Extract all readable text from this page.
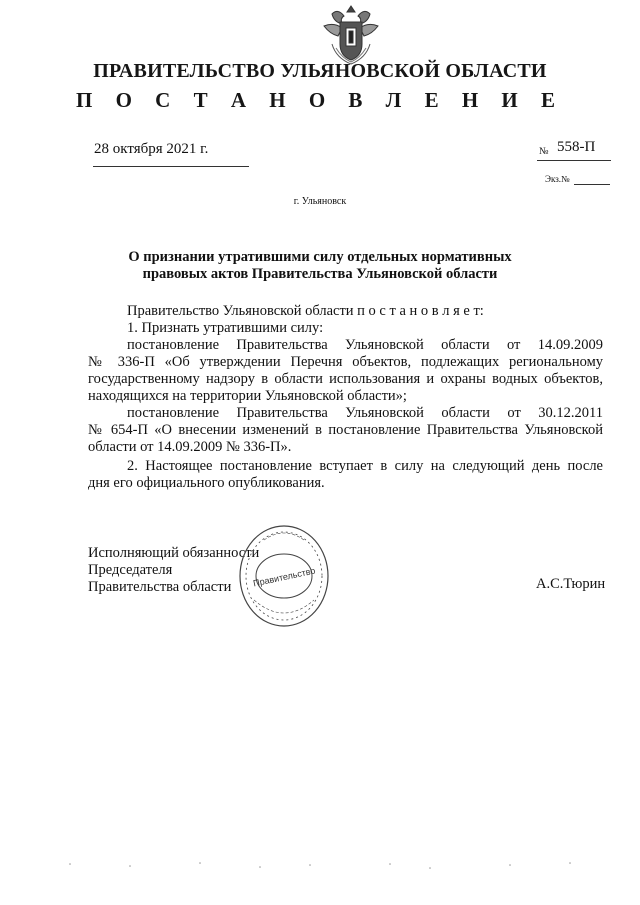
ПРАВИТЕЛЬСТВО УЛЬЯНОВСКОЙ ОБЛАСТИ
П О С Т А Н О В Л Е Н И Е
28 октября 2021 г.	№ 558-П
Экз.№
г. Ульяновск
О признании утратившими силу отдельных нормативных
правовых актов Правительства Ульяновской области
Правительство Ульяновской области п о с т а н о в л я е т:
1. Признать утратившими силу:
постановление Правительства Ульяновской области от 14.09.2009
№ 336-П «Об утверждении Перечня объектов, подлежащих региональному
государственному надзору в области использования и охраны водных объектов,
находящихся на территории Ульяновской области»;
постановление Правительства Ульяновской области от 30.12.2011
№ 654-П «О внесении изменений в постановление Правительства Ульяновской
области от 14.09.2009 № 336-П».
2. Настоящее постановление вступает в силу на следующий день после
дня его официального опубликования.
Исполняющий обязанности
Председателя
Правительства области	А.С.Тюрин
Правительство
